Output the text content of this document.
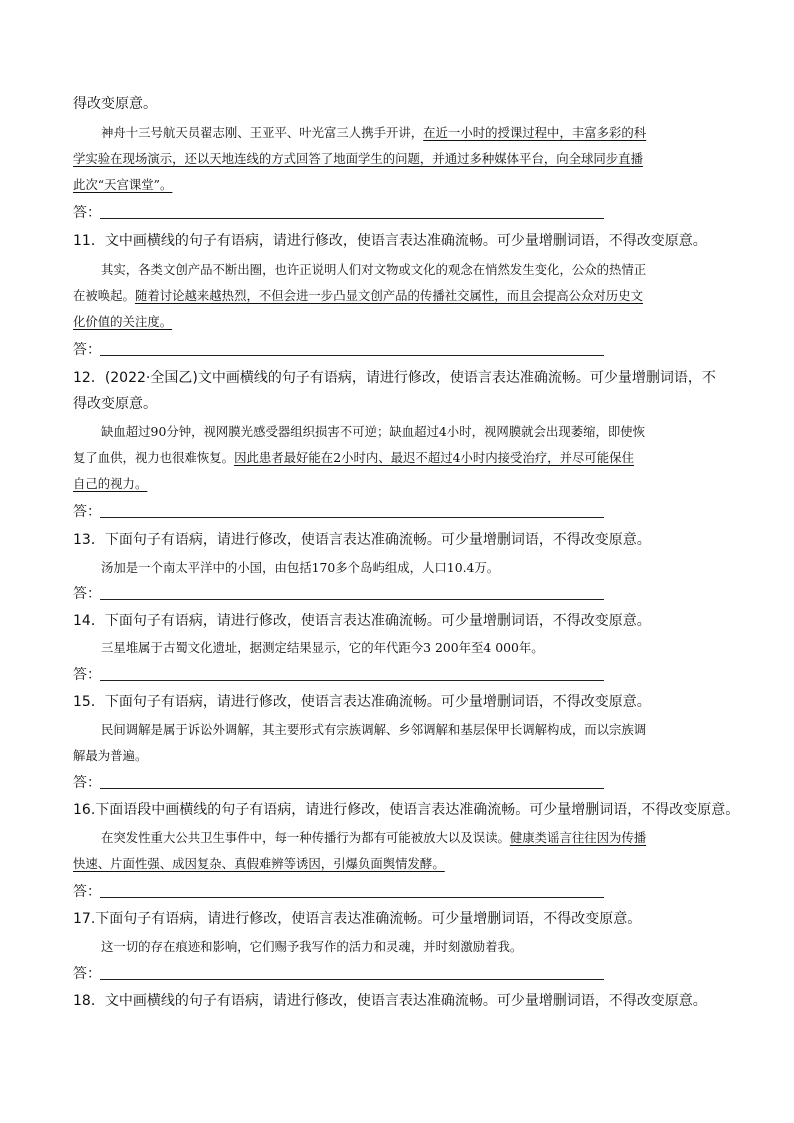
得改变原意。
神舟十三号航天员翟志刚、王亚平、叶光富三人携手开讲，在近一小时的授课过程中，丰富多彩的科
学实验在现场演示，还以天地连线的方式回答了地面学生的问题，并通过多种媒体平台，向全球同步直播
此次“天宫课堂”。
答：
11．文中画横线的句子有语病，请进行修改，使语言表达准确流畅。可少量增删词语，不得改变原意。
其实，各类文创产品不断出圈，也许正说明人们对文物或文化的观念在悄然发生变化，公众的热情正
在被唤起。随着讨论越来越热烈，不但会进一步凸显文创产品的传播社交属性，而且会提高公众对历史文
化价值的关注度。
答：
12．(2022·全国乙)文中画横线的句子有语病，请进行修改，使语言表达准确流畅。可少量增删词语，不
得改变原意。
缺血超过90分钟，视网膜光感受器组织损害不可逆；缺血超过4小时，视网膜就会出现萎缩，即使恢
复了血供，视力也很难恢复。因此患者最好能在2小时内、最迟不超过4小时内接受治疗，并尽可能保住
自己的视力。
答：
13．下面句子有语病，请进行修改，使语言表达准确流畅。可少量增删词语，不得改变原意。
汤加是一个南太平洋中的小国，由包括170多个岛屿组成，人口10.4万。
答：
14．下面句子有语病，请进行修改，使语言表达准确流畅。可少量增删词语，不得改变原意。
三星堆属于古蜀文化遗址，据测定结果显示，它的年代距今3 200年至4 000年。
答：
15．下面句子有语病，请进行修改，使语言表达准确流畅。可少量增删词语，不得改变原意。
民间调解是属于诉讼外调解，其主要形式有宗族调解、乡邻调解和基层保甲长调解构成，而以宗族调
解最为普遍。
答：
16.下面语段中画横线的句子有语病，请进行修改，使语言表达准确流畅。可少量增删词语，不得改变原意。
在突发性重大公共卫生事件中，每一种传播行为都有可能被放大以及误读。健康类谣言往往因为传播
快速、片面性强、成因复杂、真假难辨等诱因，引爆负面舆情发酵。
答：
17.下面句子有语病，请进行修改，使语言表达准确流畅。可少量增删词语，不得改变原意。
这一切的存在痕迹和影响，它们赐予我写作的活力和灵魂，并时刻激励着我。
答：
18．文中画横线的句子有语病，请进行修改，使语言表达准确流畅。可少量增删词语，不得改变原意。
